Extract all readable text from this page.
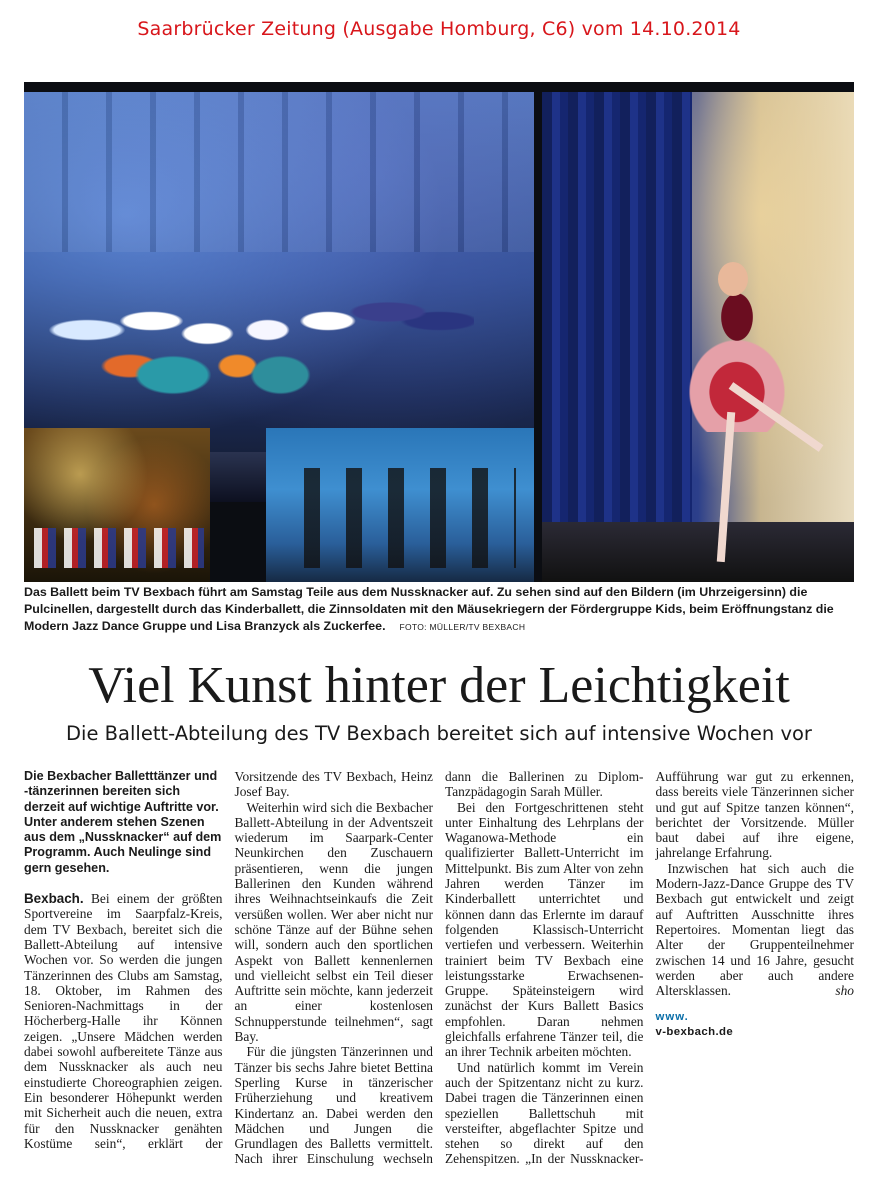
Saarbrücker Zeitung (Ausgabe Homburg, C6) vom 14.10.2014

Das Ballett beim TV Bexbach führt am Samstag Teile aus dem Nussknacker auf. Zu sehen sind auf den Bildern (im Uhrzeigersinn) die Pulcinellen, dargestellt durch das Kinderballett, die Zinnsoldaten mit den Mäusekriegern der Fördergruppe Kids, beim Eröffnungstanz die Modern Jazz Dance Gruppe und Lisa Branzyck als Zuckerfee. FOTO: MÜLLER/TV BEXBACH

Viel Kunst hinter der Leichtigkeit
Die Ballett-Abteilung des TV Bexbach bereitet sich auf intensive Wochen vor

Die Bexbacher Balletttänzer und -tänzerinnen bereiten sich derzeit auf wichtige Auftritte vor. Unter anderem stehen Szenen aus dem „Nussknacker“ auf dem Programm. Auch Neulinge sind gern gesehen.

Bexbach. Bei einem der größten Sportvereine im Saarpfalz-Kreis, dem TV Bexbach, bereitet sich die Ballett-Abteilung auf intensive Wochen vor. So werden die jungen Tänzerinnen des Clubs am Samstag, 18. Oktober, im Rahmen des Senioren-Nachmittags in der Höcherberg-Halle ihr Können zeigen. „Unsere Mädchen werden dabei sowohl aufbereitete Tänze aus dem Nussknacker als auch neu einstudierte Choreographien zeigen. Ein besonderer Höhepunkt werden mit Sicherheit auch die neuen, extra für den Nussknacker genähten Kostüme sein“, erklärt der Vorsitzende des TV Bexbach, Heinz Josef Bay.

Weiterhin wird sich die Bexbacher Ballett-Abteilung in der Adventszeit wiederum im Saarpark-Center Neunkirchen den Zuschauern präsentieren, wenn die jungen Ballerinen den Kunden während ihres Weihnachtseinkaufs die Zeit versüßen wollen. Wer aber nicht nur schöne Tänze auf der Bühne sehen will, sondern auch den sportlichen Aspekt von Ballett kennenlernen und vielleicht selbst ein Teil dieser Auftritte sein möchte, kann jederzeit an einer kostenlosen Schnupperstunde teilnehmen“, sagt Bay.

Für die jüngsten Tänzerinnen und Tänzer bis sechs Jahre bietet Bettina Sperling Kurse in tänzerischer Früherziehung und kreativem Kindertanz an. Dabei werden den Mädchen und Jungen die Grundlagen des Balletts vermittelt. Nach ihrer Einschulung wechseln dann die Ballerinen zu Diplom-Tanzpädagogin Sarah Müller.

Bei den Fortgeschrittenen steht unter Einhaltung des Lehrplans der Waganowa-Methode ein qualifizierter Ballett-Unterricht im Mittelpunkt. Bis zum Alter von zehn Jahren werden Tänzer im Kinderballett unterrichtet und können dann das Erlernte im darauf folgenden Klassisch-Unterricht vertiefen und verbessern. Weiterhin trainiert beim TV Bexbach eine leistungsstarke Erwachsenen-Gruppe. Späteinsteigern wird zunächst der Kurs Ballett Basics empfohlen. Daran nehmen gleichfalls erfahrene Tänzer teil, die an ihrer Technik arbeiten möchten.

Und natürlich kommt im Verein auch der Spitzentanz nicht zu kurz. Dabei tragen die Tänzerinnen einen speziellen Ballettschuh mit versteifter, abgeflachter Spitze und stehen so direkt auf den Zehenspitzen. „In der Nussknacker-Aufführung war gut zu erkennen, dass bereits viele Tänzerinnen sicher und gut auf Spitze tanzen können“, berichtet der Vorsitzende. Müller baut dabei auf ihre eigene, jahrelange Erfahrung.

Inzwischen hat sich auch die Modern-Jazz-Dance Gruppe des TV Bexbach gut entwickelt und zeigt auf Auftritten Ausschnitte ihres Repertoires. Momentan liegt das Alter der Gruppenteilnehmer zwischen 14 und 16 Jahre, gesucht werden aber auch andere Altersklassen.	sho
www.
v-bexbach.de
